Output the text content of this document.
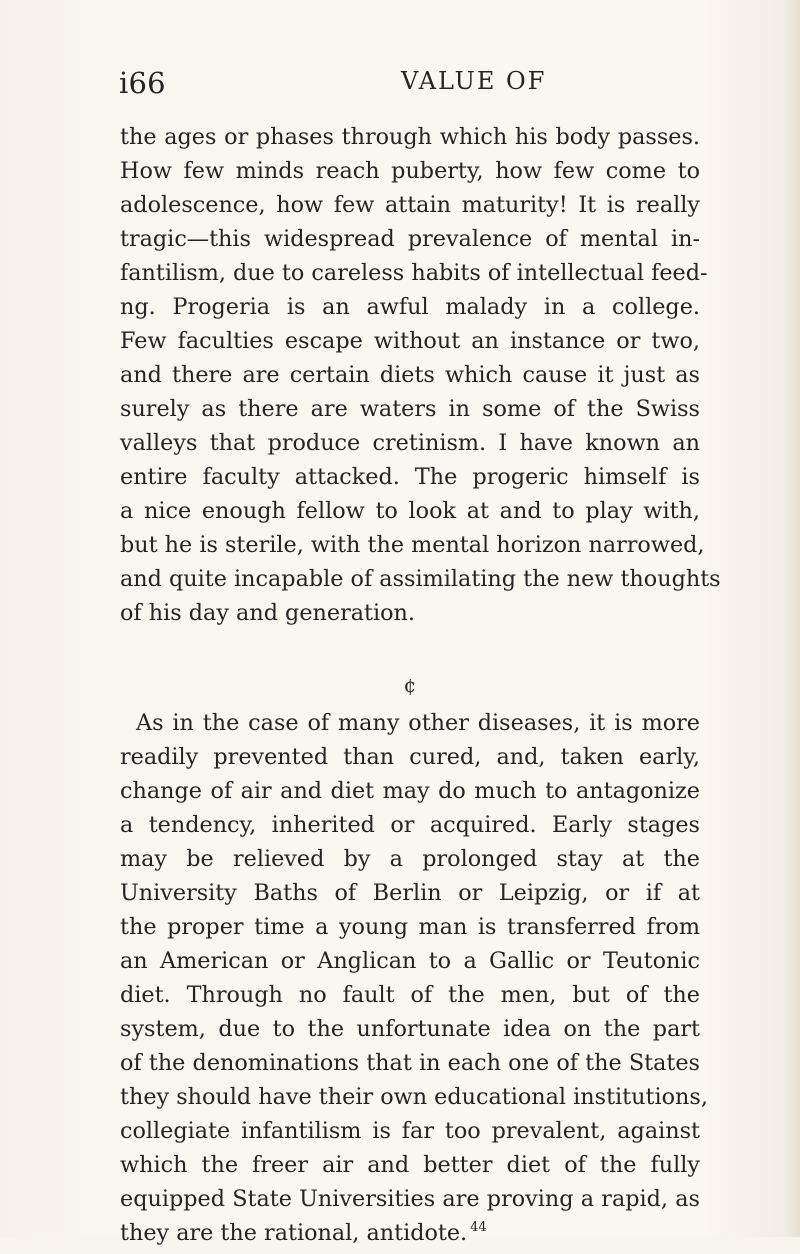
i66	VALUE OF
the ages or phases through which his body passes.
How few minds reach puberty, how few come to
adolescence, how few attain maturity! It is really
tragic—this widespread prevalence of mental in-
fantilism, due to careless habits of intellectual feed-
ng. Progeria is an awful malady in a college.
Few faculties escape without an instance or two,
and there are certain diets which cause it just as
surely as there are waters in some of the Swiss
valleys that produce cretinism. I have known an
entire faculty attacked. The progeric himself is
a nice enough fellow to look at and to play with,
but he is sterile, with the mental horizon narrowed,
and quite incapable of assimilating the new thoughts
of his day and generation.
¢
As in the case of many other diseases, it is more
readily prevented than cured, and, taken early,
change of air and diet may do much to antagonize
a tendency, inherited or acquired. Early stages
may be relieved by a prolonged stay at the
University Baths of Berlin or Leipzig, or if at
the proper time a young man is transferred from
an American or Anglican to a Gallic or Teutonic
diet. Through no fault of the men, but of the
system, due to the unfortunate idea on the part
of the denominations that in each one of the States
they should have their own educational institutions,
collegiate infantilism is far too prevalent, against
which the freer air and better diet of the fully
equipped State Universities are proving a rapid, as
they are the rational, antidote. $^{44}$
